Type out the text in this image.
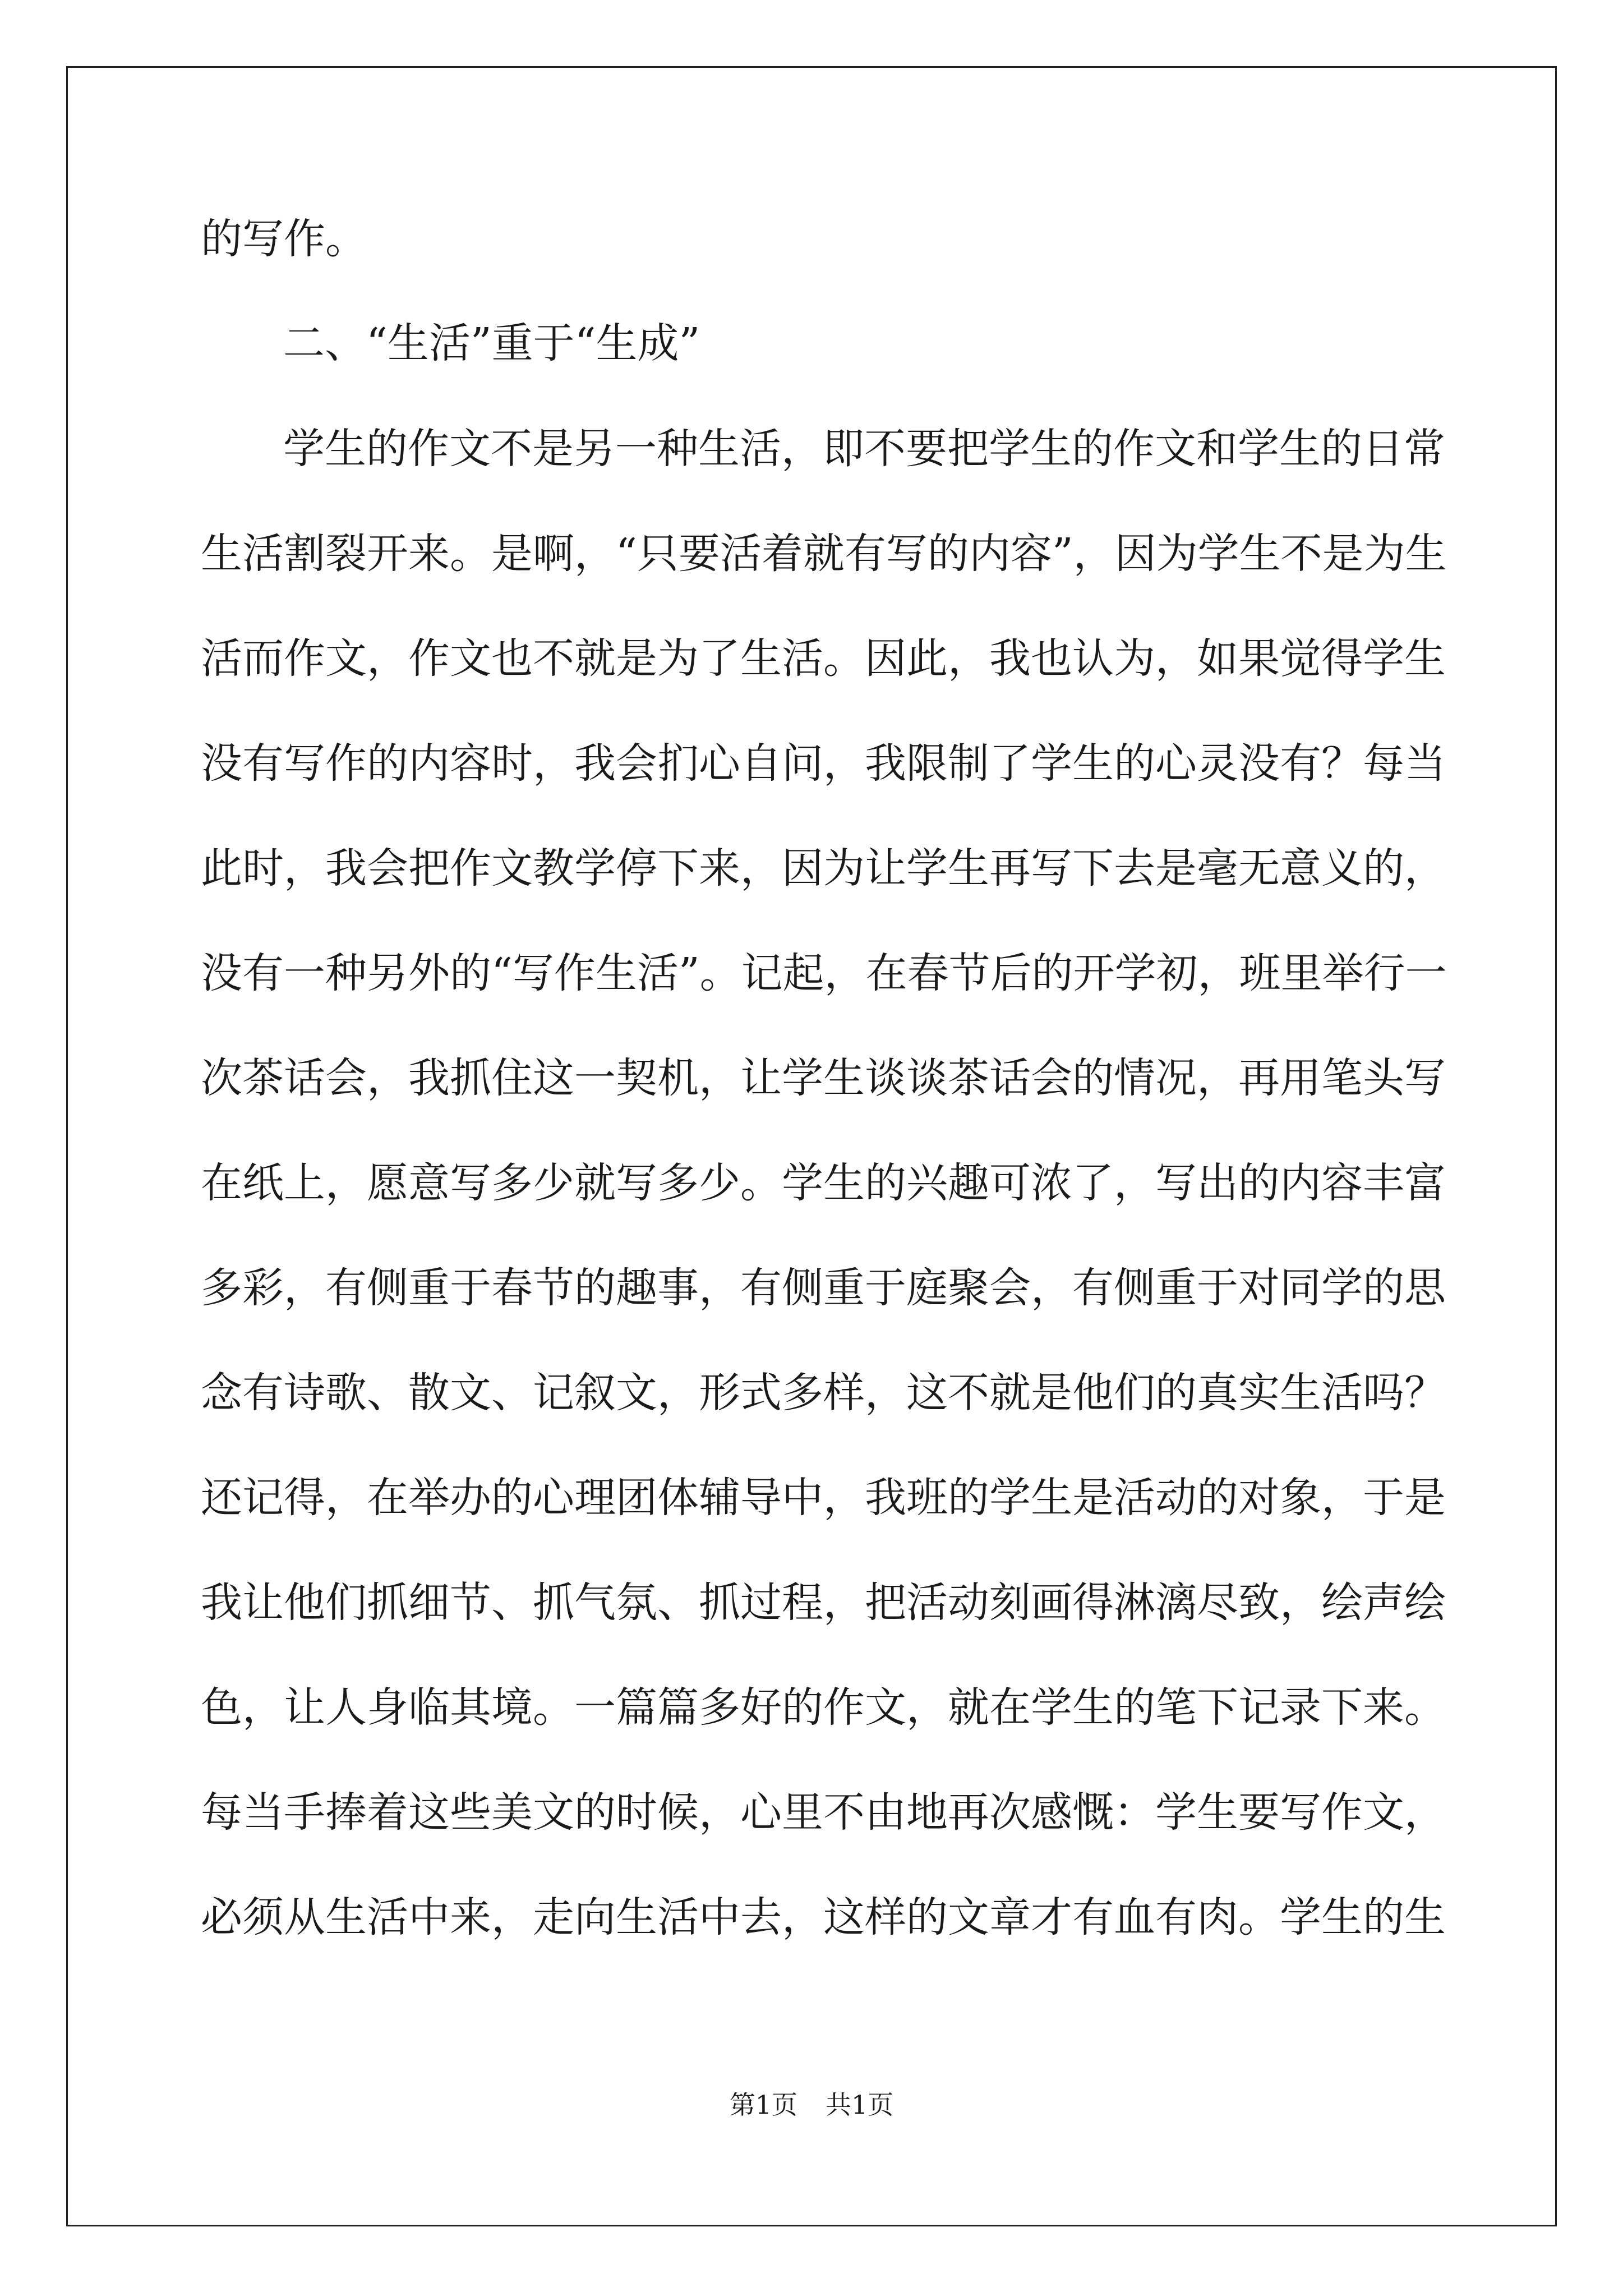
的写作。
二、“生活”重于“生成”
学生的作文不是另一种生活，即不要把学生的作文和学生的日常
生活割裂开来。是啊，“只要活着就有写的内容”，因为学生不是为生
活而作文，作文也不就是为了生活。因此，我也认为，如果觉得学生
没有写作的内容时，我会扪心自问，我限制了学生的心灵没有？每当
此时，我会把作文教学停下来，因为让学生再写下去是毫无意义的，
没有一种另外的“写作生活”。记起，在春节后的开学初，班里举行一
次茶话会，我抓住这一契机，让学生谈谈茶话会的情况，再用笔头写
在纸上，愿意写多少就写多少。学生的兴趣可浓了，写出的内容丰富
多彩，有侧重于春节的趣事，有侧重于庭聚会，有侧重于对同学的思
念有诗歌、散文、记叙文，形式多样，这不就是他们的真实生活吗？
还记得，在举办的心理团体辅导中，我班的学生是活动的对象，于是
我让他们抓细节、抓气氛、抓过程，把活动刻画得淋漓尽致，绘声绘
色，让人身临其境。一篇篇多好的作文，就在学生的笔下记录下来。
每当手捧着这些美文的时候，心里不由地再次感慨：学生要写作文，
必须从生活中来，走向生活中去，这样的文章才有血有肉。学生的生
第1页 共1页
